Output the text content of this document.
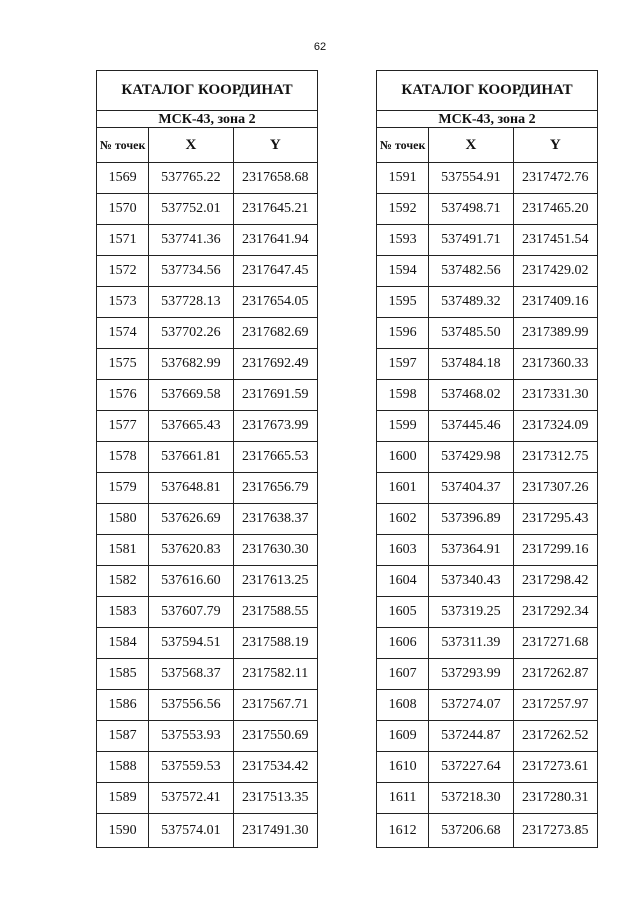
62
КАТАЛОГ КООРДИНАТ		
МСК-43, зона 2		
№ точек	X	Y
1569	537765.22	2317658.68
1570	537752.01	2317645.21
1571	537741.36	2317641.94
1572	537734.56	2317647.45
1573	537728.13	2317654.05
1574	537702.26	2317682.69
1575	537682.99	2317692.49
1576	537669.58	2317691.59
1577	537665.43	2317673.99
1578	537661.81	2317665.53
1579	537648.81	2317656.79
1580	537626.69	2317638.37
1581	537620.83	2317630.30
1582	537616.60	2317613.25
1583	537607.79	2317588.55
1584	537594.51	2317588.19
1585	537568.37	2317582.11
1586	537556.56	2317567.71
1587	537553.93	2317550.69
1588	537559.53	2317534.42
1589	537572.41	2317513.35
1590	537574.01	2317491.30
КАТАЛОГ КООРДИНАТ		
МСК-43, зона 2		
№ точек	X	Y
1591	537554.91	2317472.76
1592	537498.71	2317465.20
1593	537491.71	2317451.54
1594	537482.56	2317429.02
1595	537489.32	2317409.16
1596	537485.50	2317389.99
1597	537484.18	2317360.33
1598	537468.02	2317331.30
1599	537445.46	2317324.09
1600	537429.98	2317312.75
1601	537404.37	2317307.26
1602	537396.89	2317295.43
1603	537364.91	2317299.16
1604	537340.43	2317298.42
1605	537319.25	2317292.34
1606	537311.39	2317271.68
1607	537293.99	2317262.87
1608	537274.07	2317257.97
1609	537244.87	2317262.52
1610	537227.64	2317273.61
1611	537218.30	2317280.31
1612	537206.68	2317273.85
